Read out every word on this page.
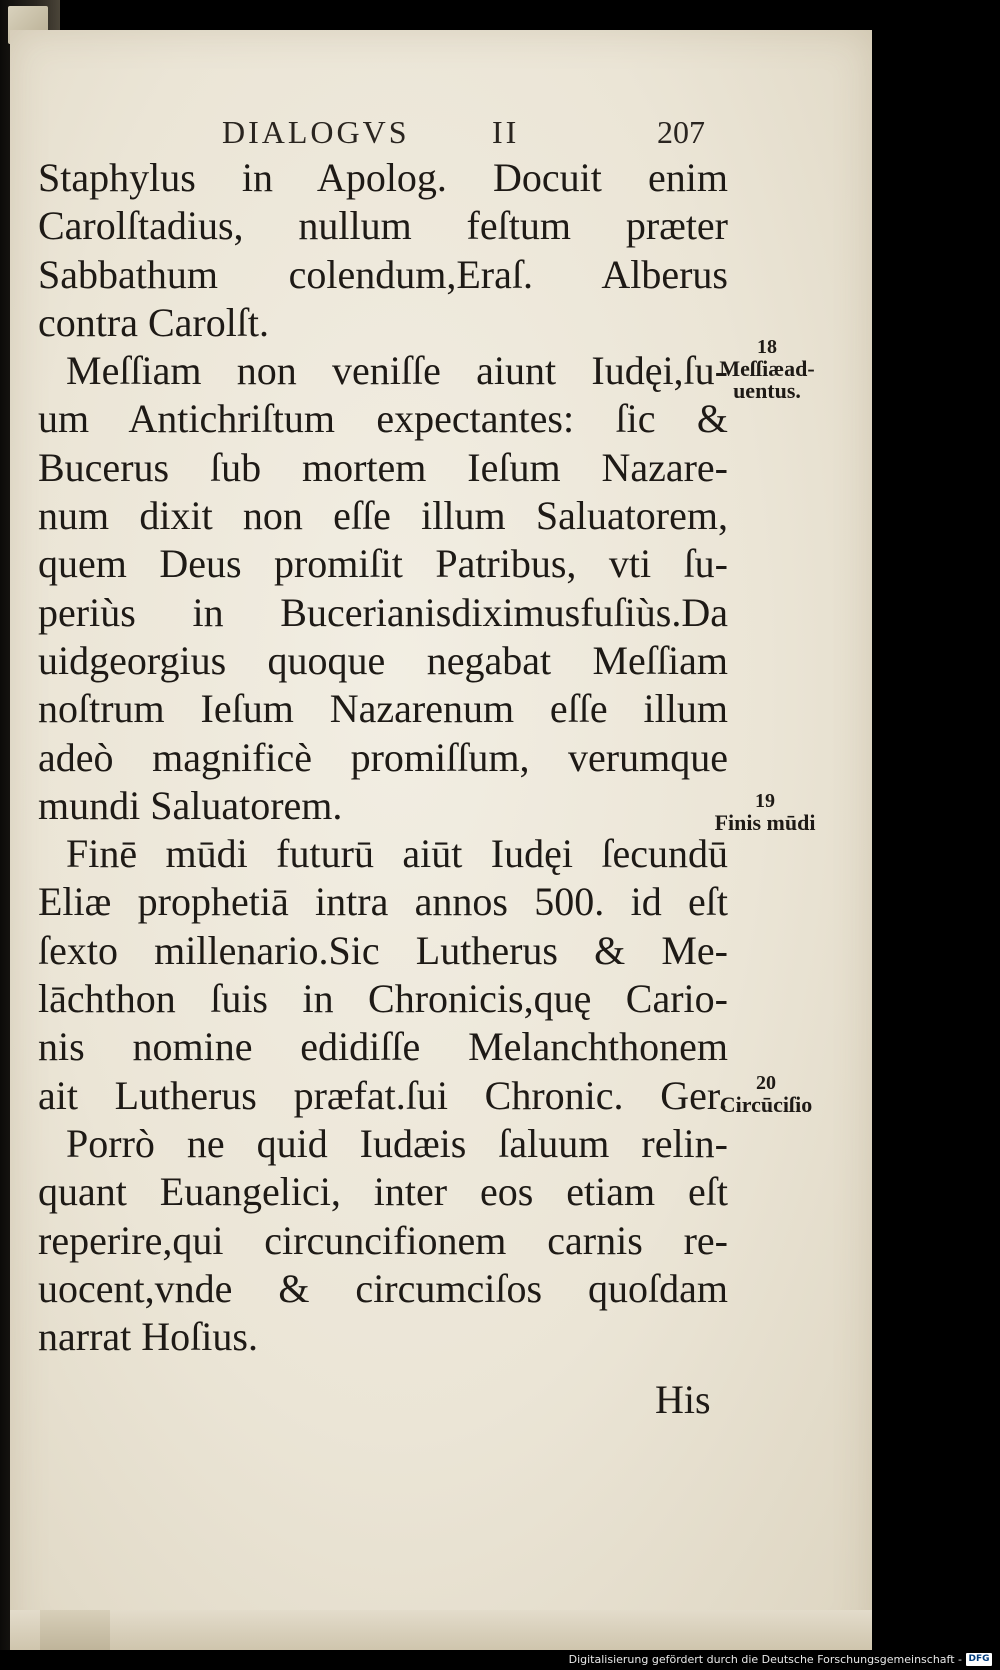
DIALOGVS	II	207
Staphylus in Apolog. Docuit enim
Carolſtadius, nullum feſtum præter
Sabbathum colendum,Eraſ. Alberus
contra Carolſt.
Meſſiam non veniſſe aiunt Iudęi,ſu-
um Antichriſtum expectantes: ſic &
Bucerus ſub mortem Ieſum Nazare-
num dixit non eſſe illum Saluatorem,
quem Deus promiſit Patribus, vti ſu-
periùs in Bucerianisdiximusfuſiùs.Da
uidgeorgius quoque negabat Meſſiam
noſtrum Ieſum Nazarenum eſſe illum
adeò magnificè promiſſum, verumque
mundi Saluatorem.
Finē mūdi futurū aiūt Iudęi ſecundū
Eliæ prophetiā intra annos 500. id eſt
ſexto millenario.Sic Lutherus & Me-
lāchthon ſuis in Chronicis,quę Cario-
nis nomine edidiſſe Melanchthonem
ait Lutherus præfat.ſui Chronic. Ger.
Porrò ne quid Iudæis ſaluum relin-
quant Euangelici, inter eos etiam eſt
reperire,qui circuncifionem carnis re-
uocent,vnde & circumciſos quoſdam
narrat Hoſius.
18
Meſſiæad-
uentus.
19
Finis mūdi
20
Circūciſio
His
Digitalisierung gefördert durch die Deutsche Forschungsgemeinschaft - DFG
